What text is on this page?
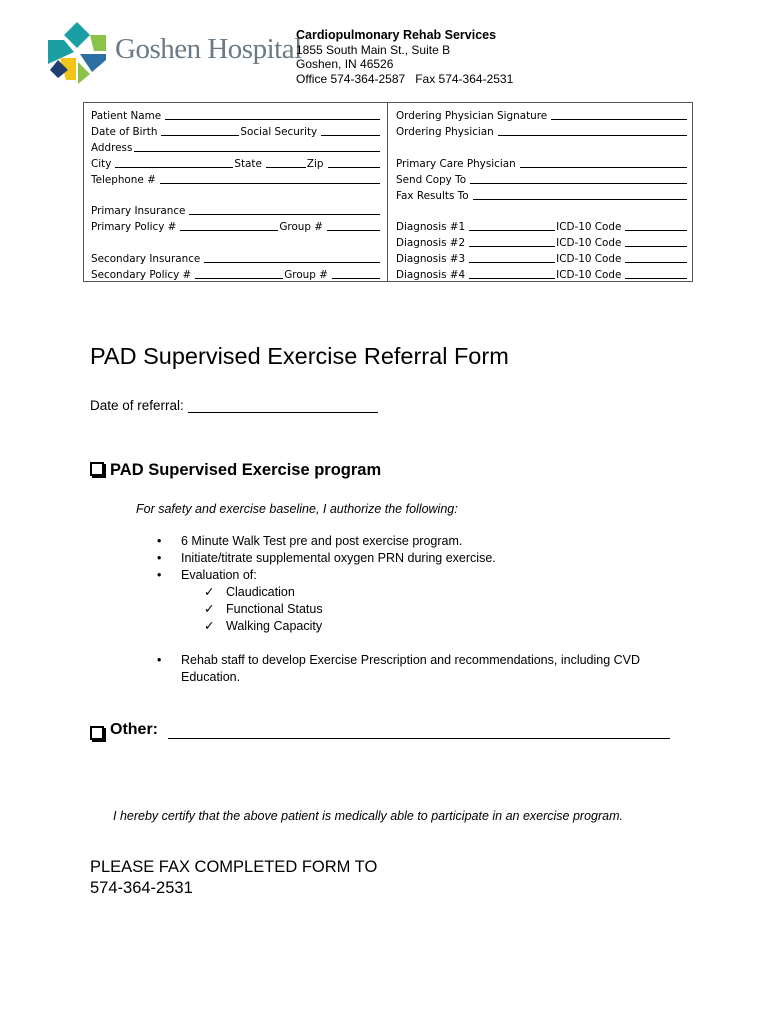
Goshen Hospital
Cardiopulmonary Rehab Services
1855 South Main St., Suite B
Goshen, IN 46526
Office 574-364-2587   Fax 574-364-2531
Patient Name
Date of Birth	Social Security
Address
City	State	Zip
Telephone #
Primary Insurance
Primary Policy #	Group #
Secondary Insurance
Secondary Policy #	Group #
Ordering Physician Signature
Ordering Physician
Primary Care Physician
Send Copy To
Fax Results To
Diagnosis #1	ICD-10 Code
Diagnosis #2	ICD-10 Code
Diagnosis #3	ICD-10 Code
Diagnosis #4	ICD-10 Code
PAD Supervised Exercise Referral Form
Date of referral:
PAD Supervised Exercise program
For safety and exercise baseline, I authorize the following:
• 6 Minute Walk Test pre and post exercise program.
• Initiate/titrate supplemental oxygen PRN during exercise.
• Evaluation of:
✓ Claudication
✓ Functional Status
✓ Walking Capacity
• Rehab staff to develop Exercise Prescription and recommendations, including CVD
Education.
Other:
I hereby certify that the above patient is medically able to participate in an exercise program.
PLEASE FAX COMPLETED FORM TO
574-364-2531
